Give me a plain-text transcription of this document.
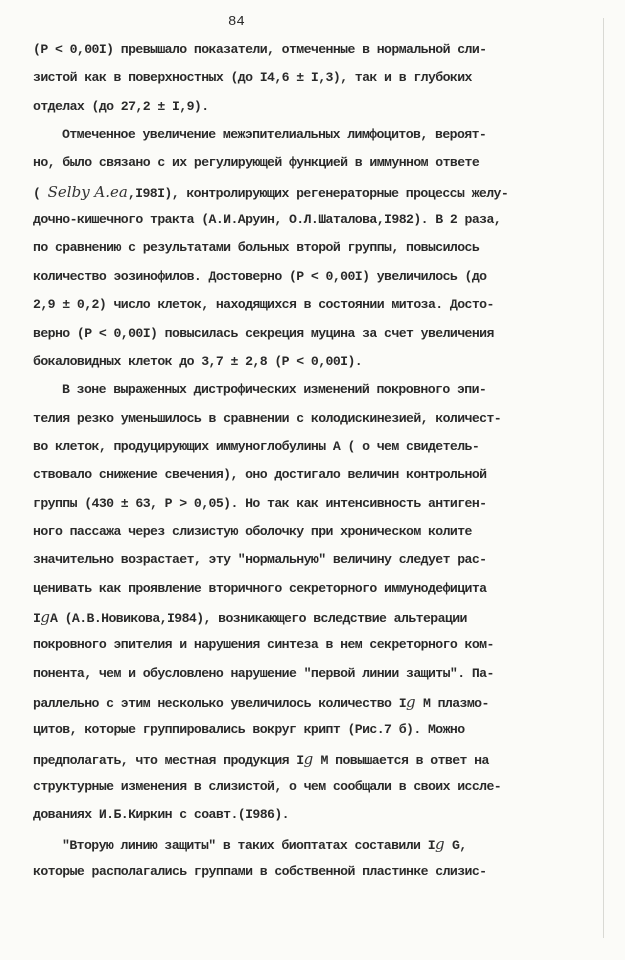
84
(P < 0,00I) превышало показатели, отмеченные в нормальной сли-
зистой как в поверхностных (до I4,6 ± I,3), так и в глубоких
отделах (до 27,2 ± I,9).
Отмеченное увеличение межэпителиальных лимфоцитов, вероят-
но, было связано с их регулирующей функцией в иммунном ответе
( Selby A.ea,I98I), контролирующих регенераторные процессы желу-
дочно-кишечного тракта (А.И.Аруин, О.Л.Шаталова,I982). В 2 раза,
по сравнению с результатами больных второй группы, повысилось
количество эозинофилов. Достоверно (P < 0,00I) увеличилось (до
2,9 ± 0,2) число клеток, находящихся в состоянии митоза. Досто-
верно (P < 0,00I) повысилась секреция муцина за счет увеличения
бокаловидных клеток до 3,7 ± 2,8 (P < 0,00I).
В зоне выраженных дистрофических изменений покровного эпи-
телия резко уменьшилось в сравнении с колодискинезией, количест-
во клеток, продуцирующих иммуноглобулины А ( о чем свидетель-
ствовало снижение свечения), оно достигало величин контрольной
группы (430 ± 63, P > 0,05). Но так как интенсивность антиген-
ного пассажа через слизистую оболочку при хроническом колите
значительно возрастает, эту "нормальную" величину следует рас-
ценивать как проявление вторичного секреторного иммунодефицита
IgA (А.В.Новикова,I984), возникающего вследствие альтерации
покровного эпителия и нарушения синтеза в нем секреторного ком-
понента, чем и обусловлено нарушение "первой линии защиты". Па-
раллельно с этим несколько увеличилось количество Ig M плазмо-
цитов, которые группировались вокруг крипт (Рис.7 б). Можно
предполагать, что местная продукция Ig M повышается в ответ на
структурные изменения в слизистой, о чем сообщали в своих иссле-
дованиях И.Б.Киркин с соавт.(I986).
"Вторую линию защиты" в таких биоптатах составили Ig G,
которые располагались группами в собственной пластинке слизис-
